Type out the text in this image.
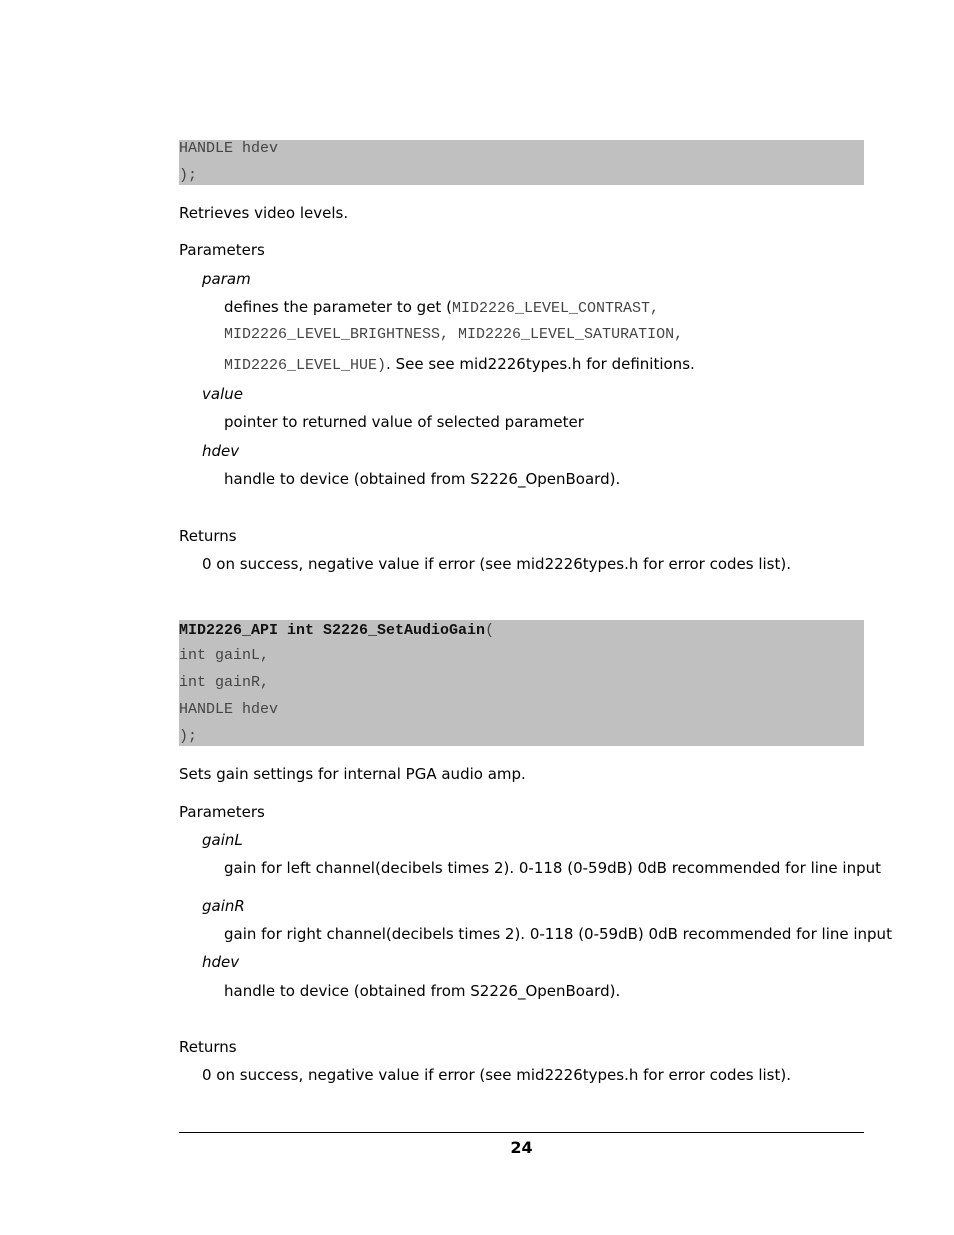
HANDLE hdev
);
Retrieves video levels.
Parameters
param
defines the parameter to get (MID2226_LEVEL_CONTRAST,
MID2226_LEVEL_BRIGHTNESS, MID2226_LEVEL_SATURATION,
MID2226_LEVEL_HUE). See see mid2226types.h for definitions.
value
pointer to returned value of selected parameter
hdev
handle to device (obtained from S2226_OpenBoard).
Returns
0 on success, negative value if error (see mid2226types.h for error codes list).
MID2226_API int S2226_SetAudioGain(
int gainL,
int gainR,
HANDLE hdev
);
Sets gain settings for internal PGA audio amp.
Parameters
gainL
gain for left channel(decibels times 2). 0-118 (0-59dB) 0dB recommended for line input
gainR
gain for right channel(decibels times 2). 0-118 (0-59dB) 0dB recommended for line input
hdev
handle to device (obtained from S2226_OpenBoard).
Returns
0 on success, negative value if error (see mid2226types.h for error codes list).
24
